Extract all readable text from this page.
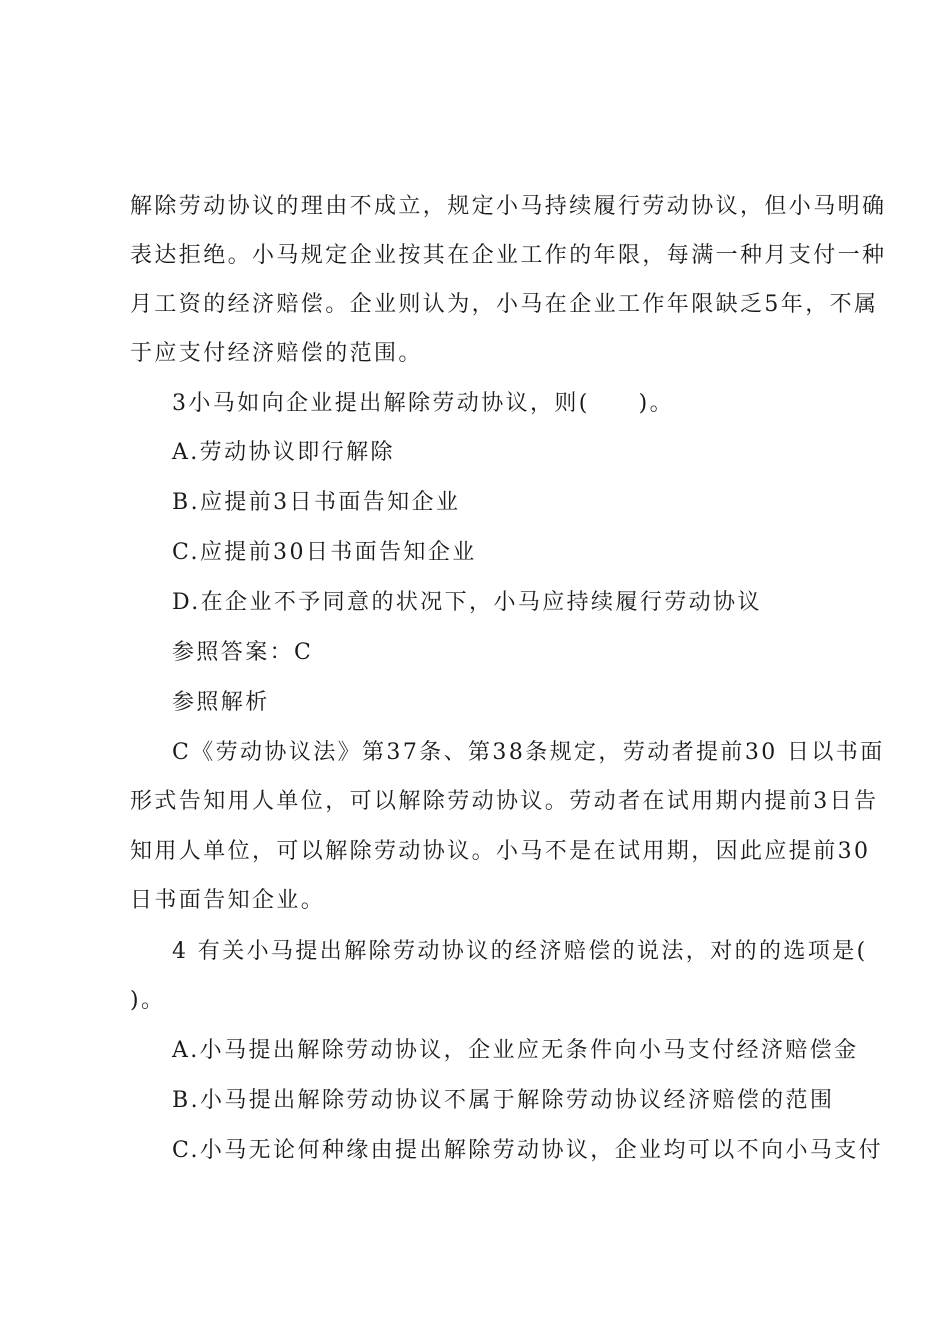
解除劳动协议的理由不成立，规定小马持续履行劳动协议，但小马明确
表达拒绝。小马规定企业按其在企业工作的年限，每满一种月支付一种
月工资的经济赔偿。企业则认为，小马在企业工作年限缺乏5年，不属
于应支付经济赔偿的范围。
3小马如向企业提出解除劳动协议，则(　　)。
A.劳动协议即行解除
B.应提前3日书面告知企业
C.应提前30日书面告知企业
D.在企业不予同意的状况下，小马应持续履行劳动协议
参照答案：C
参照解析
C《劳动协议法》第37条、第38条规定，劳动者提前30 日以书面
形式告知用人单位，可以解除劳动协议。劳动者在试用期内提前3日告
知用人单位，可以解除劳动协议。小马不是在试用期，因此应提前30
日书面告知企业。
4 有关小马提出解除劳动协议的经济赔偿的说法，对的的选项是(
)。
A.小马提出解除劳动协议，企业应无条件向小马支付经济赔偿金
B.小马提出解除劳动协议不属于解除劳动协议经济赔偿的范围
C.小马无论何种缘由提出解除劳动协议，企业均可以不向小马支付
